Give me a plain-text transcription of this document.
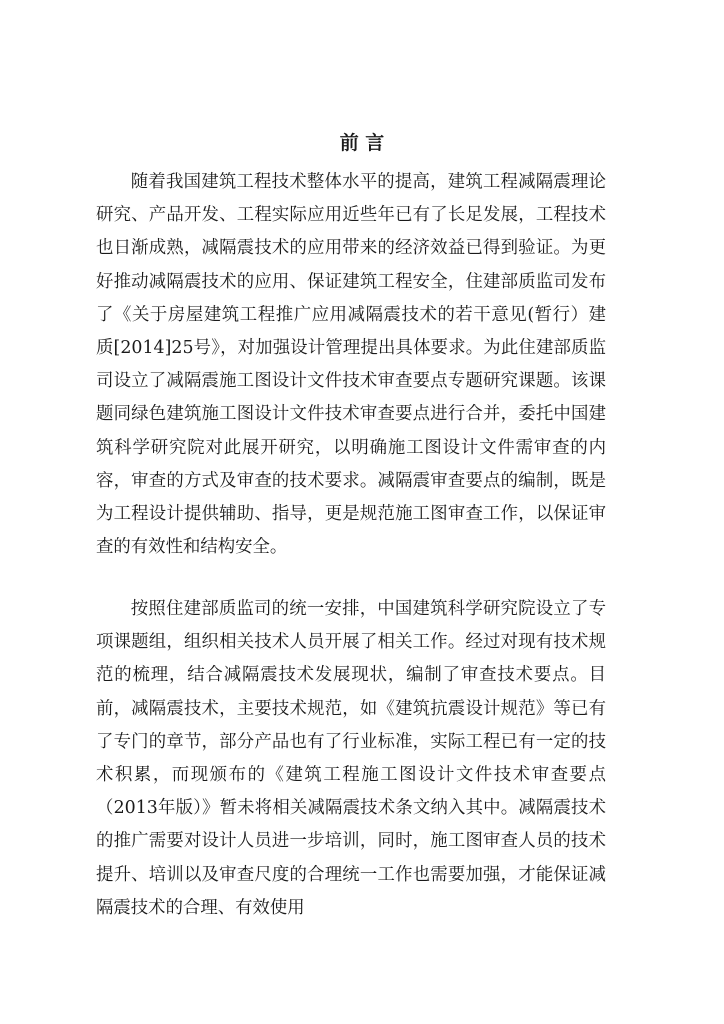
前 言

随着我国建筑工程技术整体水平的提高，建筑工程减隔震理论研究、产品开发、工程实际应用近些年已有了长足发展，工程技术也日渐成熟，减隔震技术的应用带来的经济效益已得到验证。为更好推动减隔震技术的应用、保证建筑工程安全，住建部质监司发布了《关于房屋建筑工程推广应用减隔震技术的若干意见(暂行）建质[2014]25号》，对加强设计管理提出具体要求。为此住建部质监司设立了减隔震施工图设计文件技术审查要点专题研究课题。该课题同绿色建筑施工图设计文件技术审查要点进行合并，委托中国建筑科学研究院对此展开研究，以明确施工图设计文件需审查的内容，审查的方式及审查的技术要求。减隔震审查要点的编制，既是为工程设计提供辅助、指导，更是规范施工图审查工作，以保证审查的有效性和结构安全。

按照住建部质监司的统一安排，中国建筑科学研究院设立了专项课题组，组织相关技术人员开展了相关工作。经过对现有技术规范的梳理，结合减隔震技术发展现状，编制了审查技术要点。目前，减隔震技术，主要技术规范，如《建筑抗震设计规范》等已有了专门的章节，部分产品也有了行业标准，实际工程已有一定的技术积累，而现颁布的《建筑工程施工图设计文件技术审查要点（2013年版）》暂未将相关减隔震技术条文纳入其中。减隔震技术的推广需要对设计人员进一步培训，同时，施工图审查人员的技术提升、培训以及审查尺度的合理统一工作也需要加强，才能保证减隔震技术的合理、有效使用
